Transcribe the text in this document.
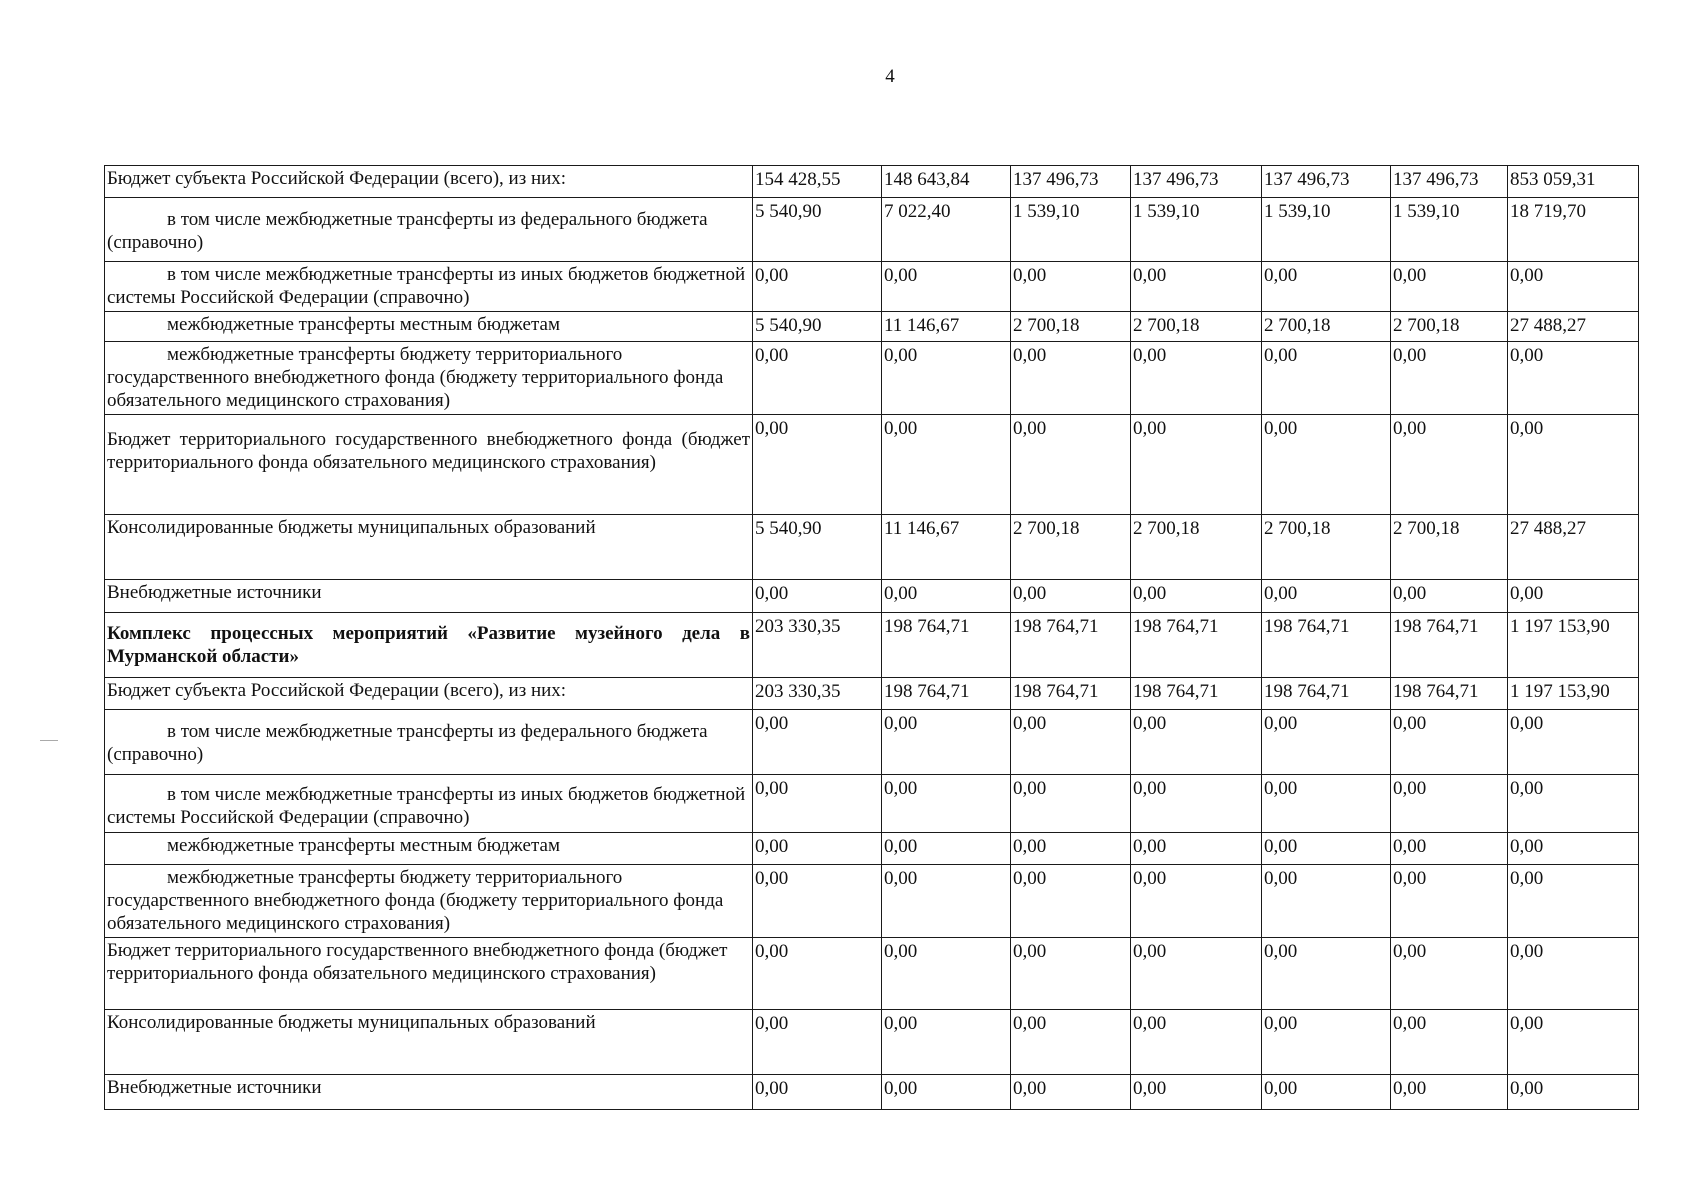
4
Бюджет субъекта Российской Федерации (всего), из них:	154 428,55	148 643,84	137 496,73	137 496,73	137 496,73	137 496,73	853 059,31

в том числе межбюджетные трансферты из федерального бюджета (справочно)	5 540,90	7 022,40	1 539,10	1 539,10	1 539,10	1 539,10	18 719,70
в том числе межбюджетные трансферты из иных бюджетов бюджетной системы Российской Федерации (справочно)	0,00	0,00	0,00	0,00	0,00	0,00	0,00
межбюджетные трансферты местным бюджетам	5 540,90	11 146,67	2 700,18	2 700,18	2 700,18	2 700,18	27 488,27
межбюджетные трансферты бюджету территориального государственного внебюджетного фонда (бюджету территориального фонда обязательного медицинского страхования)	0,00	0,00	0,00	0,00	0,00	0,00	0,00

Бюджет территориального государственного внебюджетного фонда (бюджет территориального фонда обязательного медицинского страхования)	0,00	0,00	0,00	0,00	0,00	0,00	0,00
Консолидированные бюджеты муниципальных образований	5 540,90	11 146,67	2 700,18	2 700,18	2 700,18	2 700,18	27 488,27
Внебюджетные источники	0,00	0,00	0,00	0,00	0,00	0,00	0,00

Комплекс процессных мероприятий «Развитие музейного дела в Мурманской области»	203 330,35	198 764,71	198 764,71	198 764,71	198 764,71	198 764,71	1 197 153,90
Бюджет субъекта Российской Федерации (всего), из них:	203 330,35	198 764,71	198 764,71	198 764,71	198 764,71	198 764,71	1 197 153,90

в том числе межбюджетные трансферты из федерального бюджета (справочно)	0,00	0,00	0,00	0,00	0,00	0,00	0,00

в том числе межбюджетные трансферты из иных бюджетов бюджетной системы Российской Федерации (справочно)	0,00	0,00	0,00	0,00	0,00	0,00	0,00
межбюджетные трансферты местным бюджетам	0,00	0,00	0,00	0,00	0,00	0,00	0,00
межбюджетные трансферты бюджету территориального государственного внебюджетного фонда (бюджету территориального фонда обязательного медицинского страхования)	0,00	0,00	0,00	0,00	0,00	0,00	0,00
Бюджет территориального государственного внебюджетного фонда (бюджет территориального фонда обязательного медицинского страхования)	0,00	0,00	0,00	0,00	0,00	0,00	0,00
Консолидированные бюджеты муниципальных образований	0,00	0,00	0,00	0,00	0,00	0,00	0,00
Внебюджетные источники	0,00	0,00	0,00	0,00	0,00	0,00	0,00
